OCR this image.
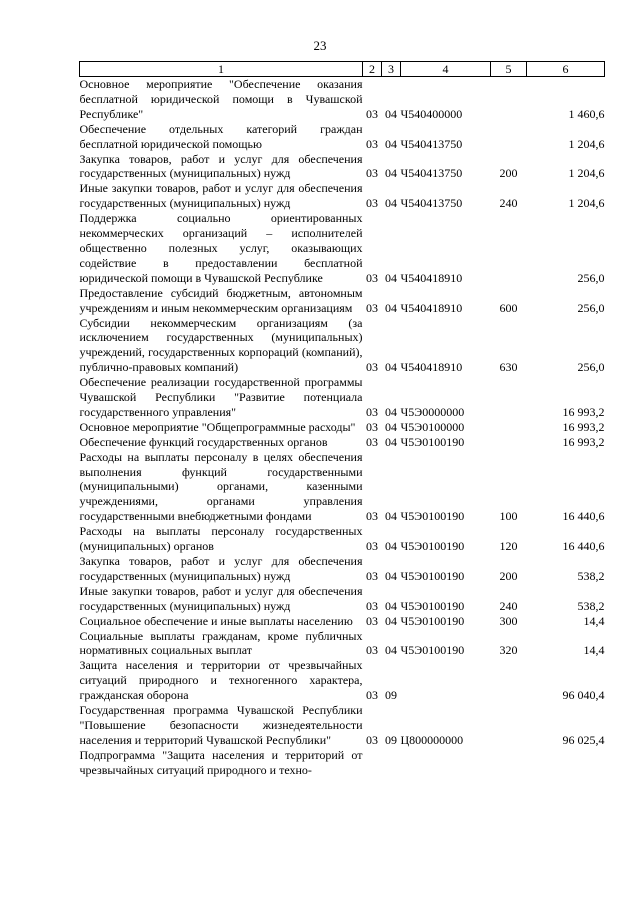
23
1	2	3	4	5	6
Основное мероприятие "Обеспечение оказания бесплатной юридической помощи в Чувашской Республике"	03	04	Ч540400000		1 460,6
Обеспечение отдельных категорий граждан бесплатной юридической помощью	03	04	Ч540413750		1 204,6
Закупка товаров, работ и услуг для обеспечения государственных (муниципальных) нужд	03	04	Ч540413750	200	1 204,6
Иные закупки товаров, работ и услуг для обеспечения государственных (муниципальных) нужд	03	04	Ч540413750	240	1 204,6
Поддержка социально ориентированных некоммерческих организаций – исполнителей общественно полезных услуг, оказывающих содействие в предоставлении бесплатной юридической помощи в Чувашской Республике	03	04	Ч540418910		256,0
Предоставление субсидий бюджетным, автономным учреждениям и иным некоммерческим организациям	03	04	Ч540418910	600	256,0
Субсидии некоммерческим организациям (за исключением государственных (муниципальных) учреждений, государственных корпораций (компаний), публично-правовых компаний)	03	04	Ч540418910	630	256,0
Обеспечение реализации государственной программы Чувашской Республики "Развитие потенциала государственного управления"	03	04	Ч5Э0000000		16 993,2
Основное мероприятие "Общепрограммные расходы"	03	04	Ч5Э0100000		16 993,2
Обеспечение функций государственных органов	03	04	Ч5Э0100190		16 993,2
Расходы на выплаты персоналу в целях обеспечения выполнения функций государственными (муниципальными) органами, казенными учреждениями, органами управления государственными внебюджетными фондами	03	04	Ч5Э0100190	100	16 440,6
Расходы на выплаты персоналу государственных (муниципальных) органов	03	04	Ч5Э0100190	120	16 440,6
Закупка товаров, работ и услуг для обеспечения государственных (муниципальных) нужд	03	04	Ч5Э0100190	200	538,2
Иные закупки товаров, работ и услуг для обеспечения государственных (муниципальных) нужд	03	04	Ч5Э0100190	240	538,2
Социальное обеспечение и иные выплаты населению	03	04	Ч5Э0100190	300	14,4
Социальные выплаты гражданам, кроме публичных нормативных социальных выплат	03	04	Ч5Э0100190	320	14,4
Защита населения и территории от чрезвычайных ситуаций природного и техногенного характера, гражданская оборона	03	09			96 040,4
Государственная программа Чувашской Республики "Повышение безопасности жизнедеятельности населения и территорий Чувашской Республики"	03	09	Ц800000000		96 025,4
Подпрограмма "Защита населения и территорий от чрезвычайных ситуаций природного и техно-					
